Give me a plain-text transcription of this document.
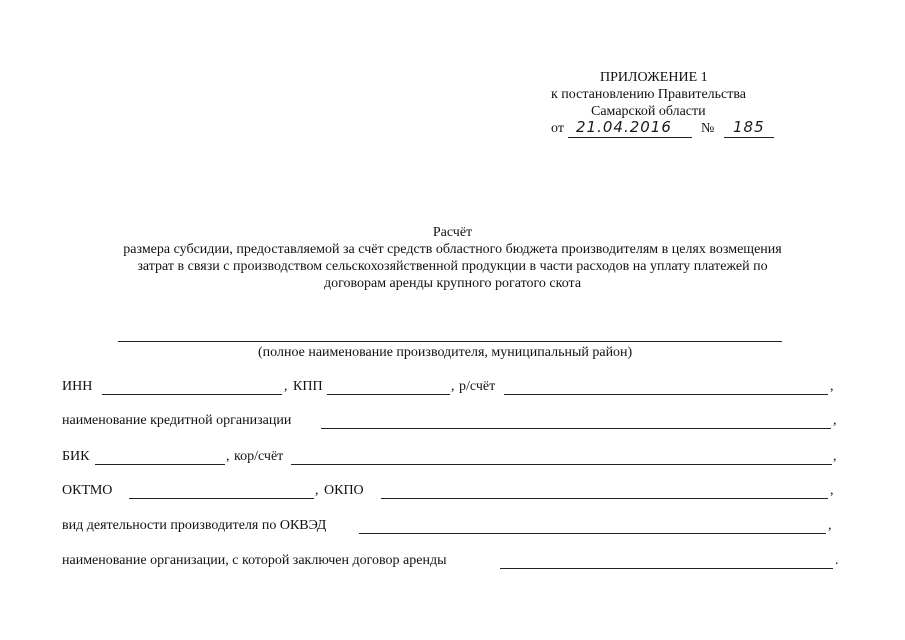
ПРИЛОЖЕНИЕ 1
к постановлению Правительства
Самарской области
от 21.04.2016 № 185
Расчёт
размера субсидии, предоставляемой за счёт средств областного бюджета производителям в целях возмещения
затрат в связи с производством сельскохозяйственной продукции в части расходов на уплату платежей по
договорам аренды крупного рогатого скота
(полное наименование производителя, муниципальный район)
ИНН	, КПП	, р/счёт	,
наименование кредитной организации	,
БИК	, кор/счёт	,
ОКТМО	, ОКПО	,
вид деятельности производителя по ОКВЭД	,
наименование организации, с которой заключен договор аренды	.
